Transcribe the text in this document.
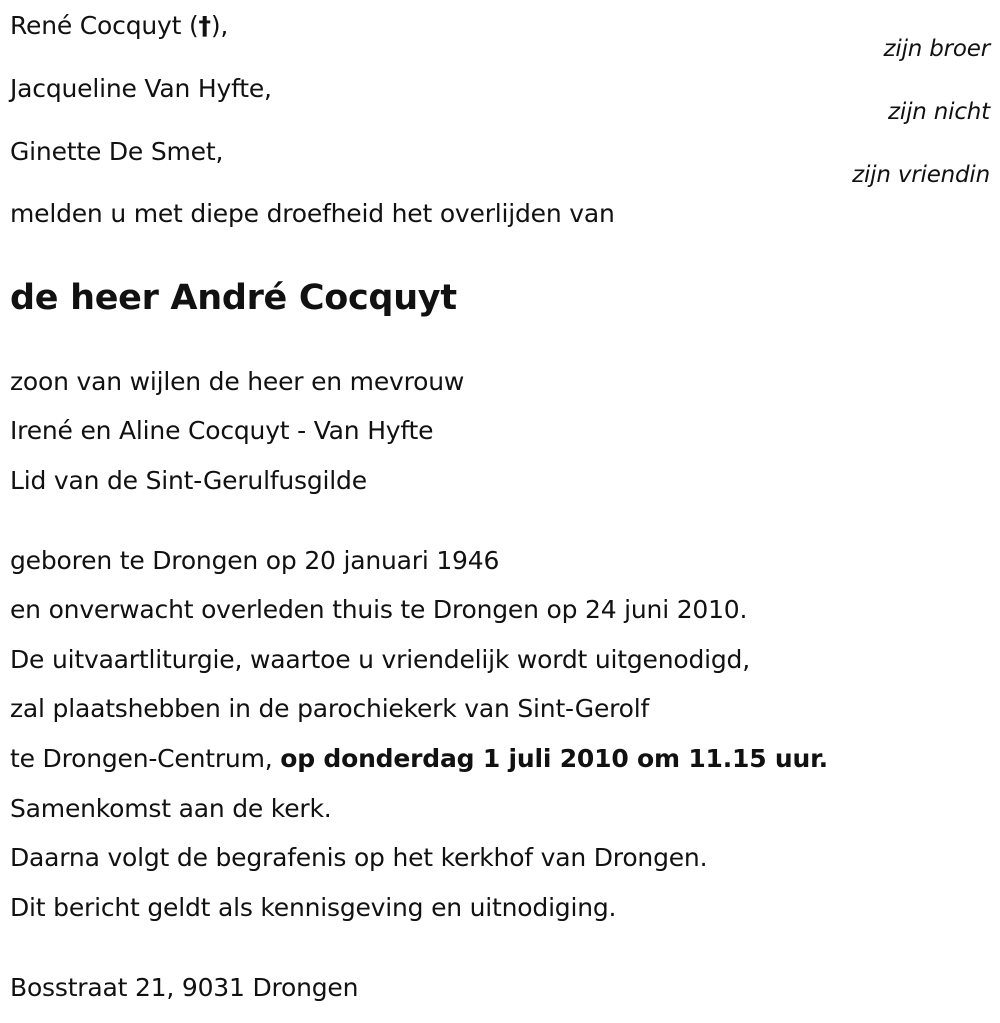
René Cocquyt (†),

zijn broer

Jacqueline Van Hyfte,

zijn nicht

Ginette De Smet,

zijn vriendin

melden u met diepe droefheid het overlijden van

de heer André Cocquyt

zoon van wijlen de heer en mevrouw

Irené en Aline Cocquyt - Van Hyfte

Lid van de Sint-Gerulfusgilde

geboren te Drongen op 20 januari 1946

en onverwacht overleden thuis te Drongen op 24 juni 2010.

De uitvaartliturgie, waartoe u vriendelijk wordt uitgenodigd,

zal plaatshebben in de parochiekerk van Sint-Gerolf

te Drongen-Centrum, op donderdag 1 juli 2010 om 11.15 uur.

Samenkomst aan de kerk.

Daarna volgt de begrafenis op het kerkhof van Drongen.

Dit bericht geldt als kennisgeving en uitnodiging.

Bosstraat 21, 9031 Drongen
